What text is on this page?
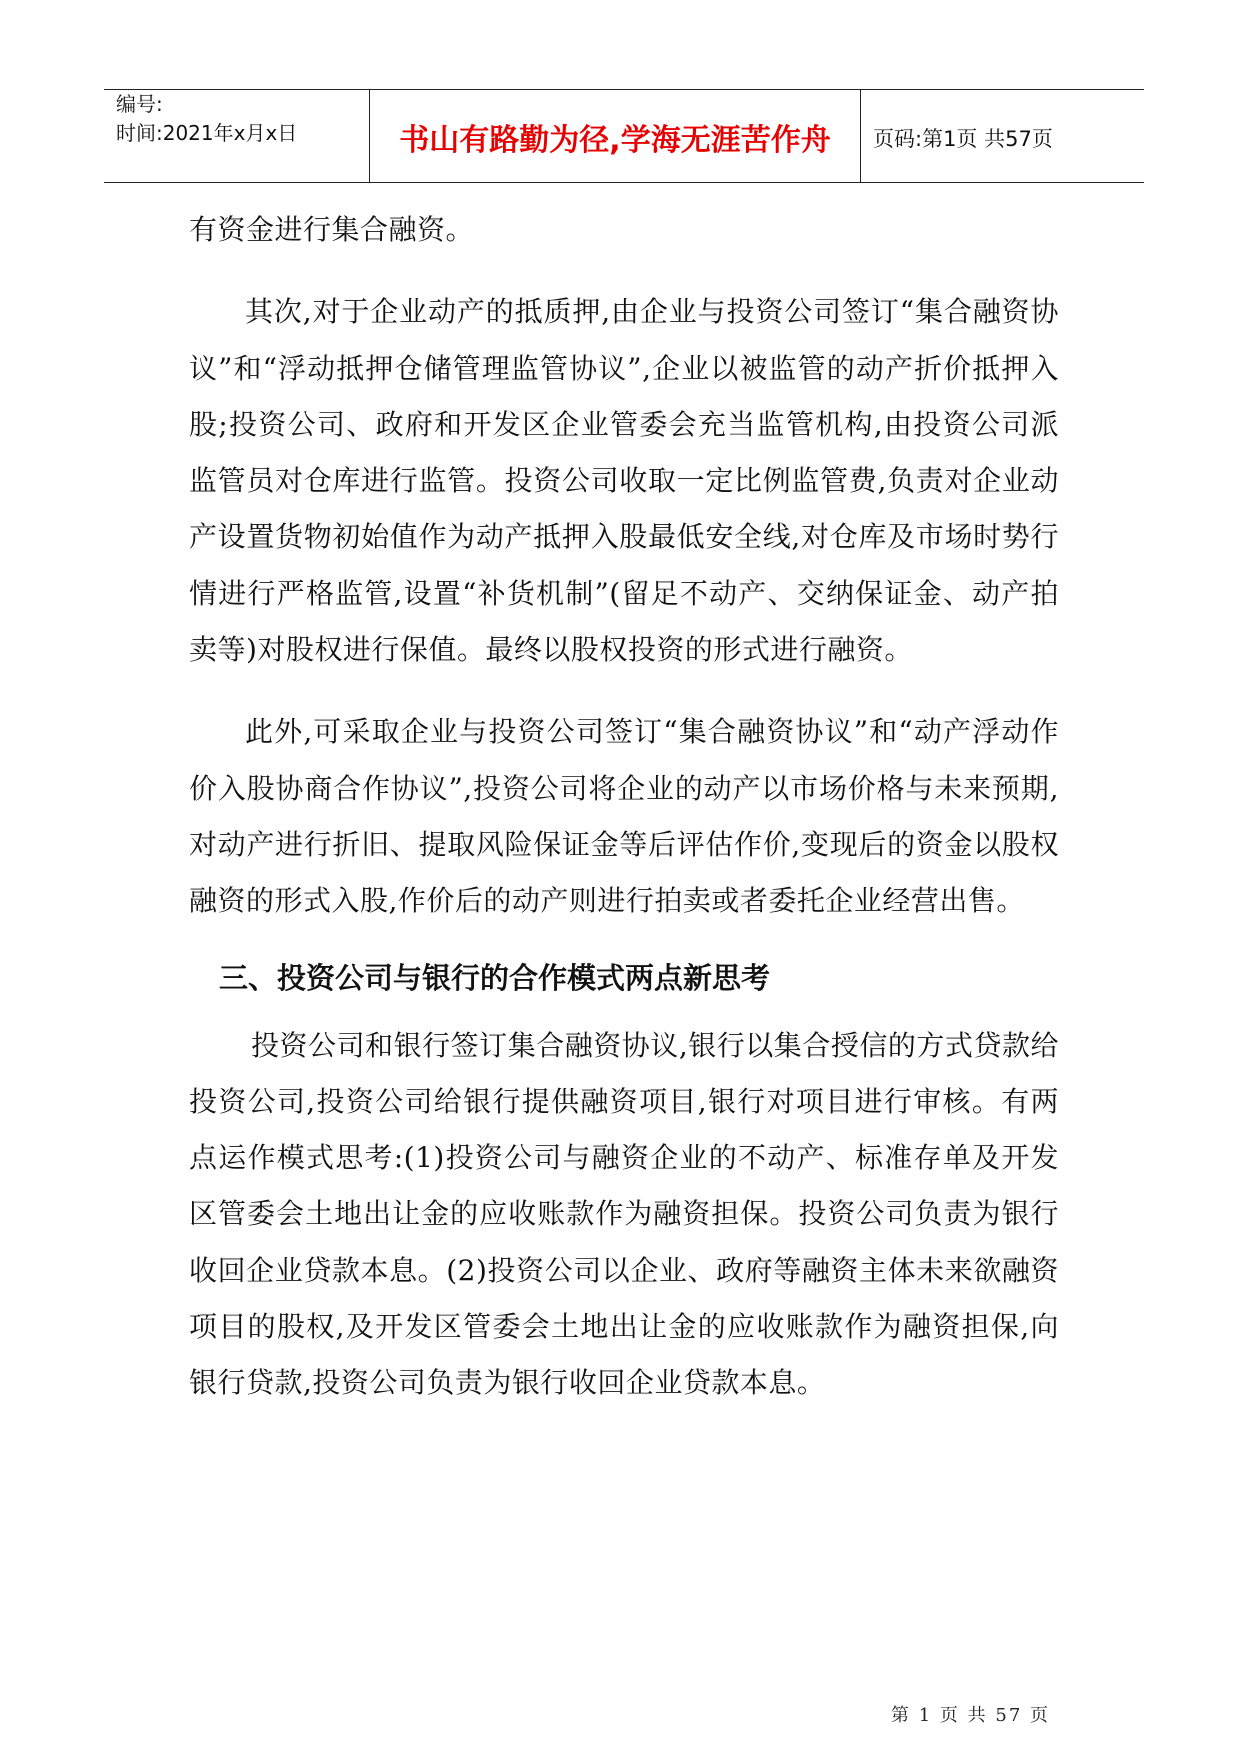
编号:
时间:2021年x月x日	书山有路勤为径,学海无涯苦作舟	页码:第1页 共57页

有资金进行集合融资。

其次,对于企业动产的抵质押,由企业与投资公司签订“集合融资协议”和“浮动抵押仓储管理监管协议”,企业以被监管的动产折价抵押入股;投资公司、政府和开发区企业管委会充当监管机构,由投资公司派监管员对仓库进行监管。投资公司收取一定比例监管费,负责对企业动产设置货物初始值作为动产抵押入股最低安全线,对仓库及市场时势行情进行严格监管,设置“补货机制”(留足不动产、交纳保证金、动产拍卖等)对股权进行保值。最终以股权投资的形式进行融资。

此外,可采取企业与投资公司签订“集合融资协议”和“动产浮动作价入股协商合作协议”,投资公司将企业的动产以市场价格与未来预期,对动产进行折旧、提取风险保证金等后评估作价,变现后的资金以股权融资的形式入股,作价后的动产则进行拍卖或者委托企业经营出售。

三、投资公司与银行的合作模式两点新思考

投资公司和银行签订集合融资协议,银行以集合授信的方式贷款给投资公司,投资公司给银行提供融资项目,银行对项目进行审核。有两点运作模式思考:(1)投资公司与融资企业的不动产、标准存单及开发区管委会土地出让金的应收账款作为融资担保。投资公司负责为银行收回企业贷款本息。(2)投资公司以企业、政府等融资主体未来欲融资项目的股权,及开发区管委会土地出让金的应收账款作为融资担保,向银行贷款,投资公司负责为银行收回企业贷款本息。

第 1 页 共 57 页
